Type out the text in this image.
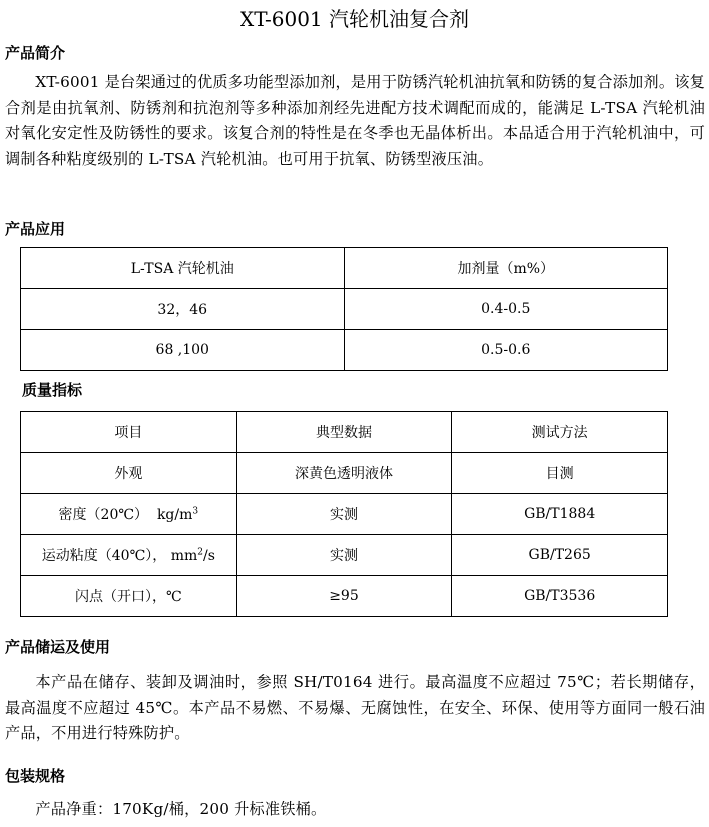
XT-6001 汽轮机油复合剂
产品简介

XT-6001 是台架通过的优质多功能型添加剂，是用于防锈汽轮机油抗氧和防锈的复合添加剂。该复合剂是由抗氧剂、防锈剂和抗泡剂等多种添加剂经先进配方技术调配而成的，能满足 L-TSA 汽轮机油对氧化安定性及防锈性的要求。该复合剂的特性是在冬季也无晶体析出。本品适合用于汽轮机油中，可调制各种粘度级别的 L-TSA 汽轮机油。也可用于抗氧、防锈型液压油。

产品应用
L-TSA 汽轮机油	加剂量（m%）
32，46	0.4-0.5
68 ,100	0.5-0.6
质量指标
项目	典型数据	测试方法
外观	深黄色透明液体	目测
密度（20℃） $kg/m^3$	实测	GB/T1884
运动粘度（40℃）， $mm^2/s$	实测	GB/T265
闪点（开口），℃	≥95	GB/T3536
产品储运及使用

本产品在储存、装卸及调油时，参照 SH/T0164 进行。最高温度不应超过 75℃；若长期储存，最高温度不应超过 45℃。本产品不易燃、不易爆、无腐蚀性，在安全、环保、使用等方面同一般石油产品，不用进行特殊防护。

包装规格

产品净重：170Kg/桶，200 升标准铁桶。
